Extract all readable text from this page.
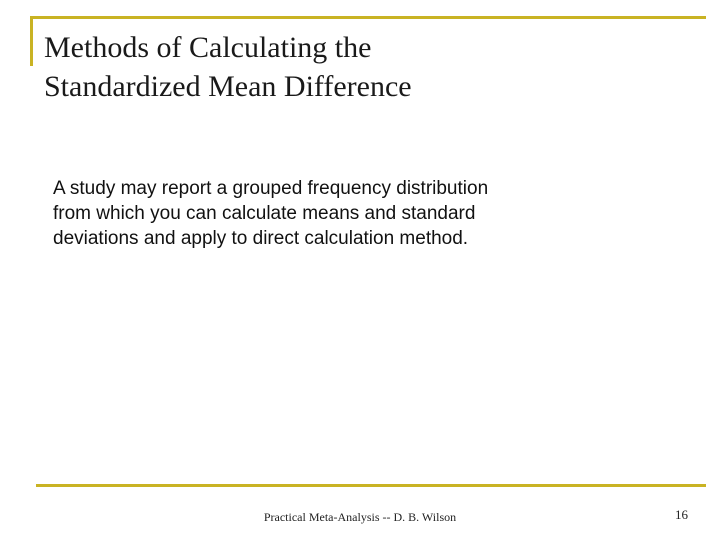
Methods of Calculating the
Standardized Mean Difference

A study may report a grouped frequency distribution
from which you can calculate means and standard
deviations and apply to direct calculation method.

Practical Meta-Analysis -- D. B. Wilson	16
